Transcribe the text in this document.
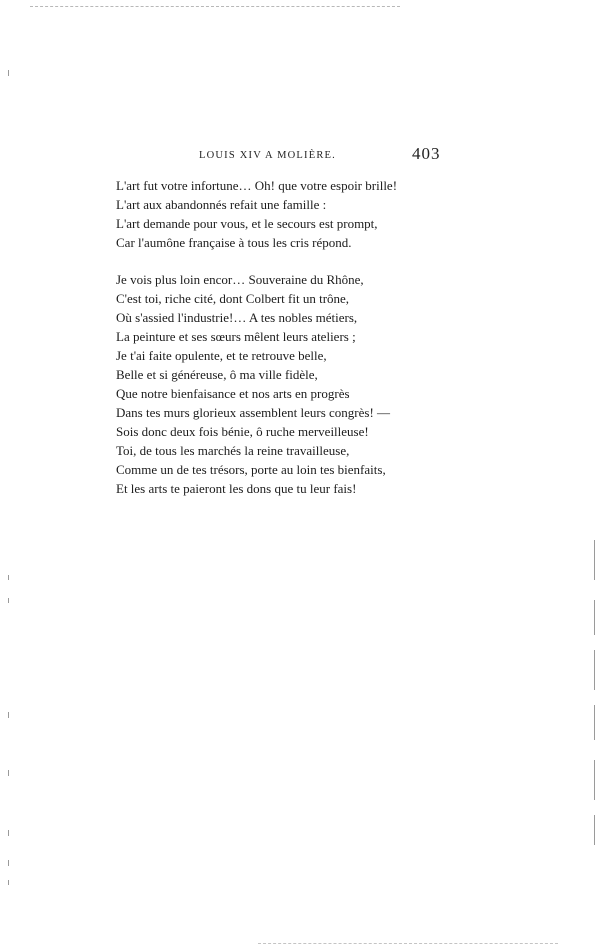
LOUIS XIV A MOLIÈRE.	403
L'art fut votre infortune… Oh! que votre espoir brille!
L'art aux abandonnés refait une famille :
L'art demande pour vous, et le secours est prompt,
Car l'aumône française à tous les cris répond.
Je vois plus loin encor… Souveraine du Rhône,
C'est toi, riche cité, dont Colbert fit un trône,
Où s'assied l'industrie!… A tes nobles métiers,
La peinture et ses sœurs mêlent leurs ateliers ;
Je t'ai faite opulente, et te retrouve belle,
Belle et si généreuse, ô ma ville fidèle,
Que notre bienfaisance et nos arts en progrès
Dans tes murs glorieux assemblent leurs congrès! —
Sois donc deux fois bénie, ô ruche merveilleuse!
Toi, de tous les marchés la reine travailleuse,
Comme un de tes trésors, porte au loin tes bienfaits,
Et les arts te paieront les dons que tu leur fais!
